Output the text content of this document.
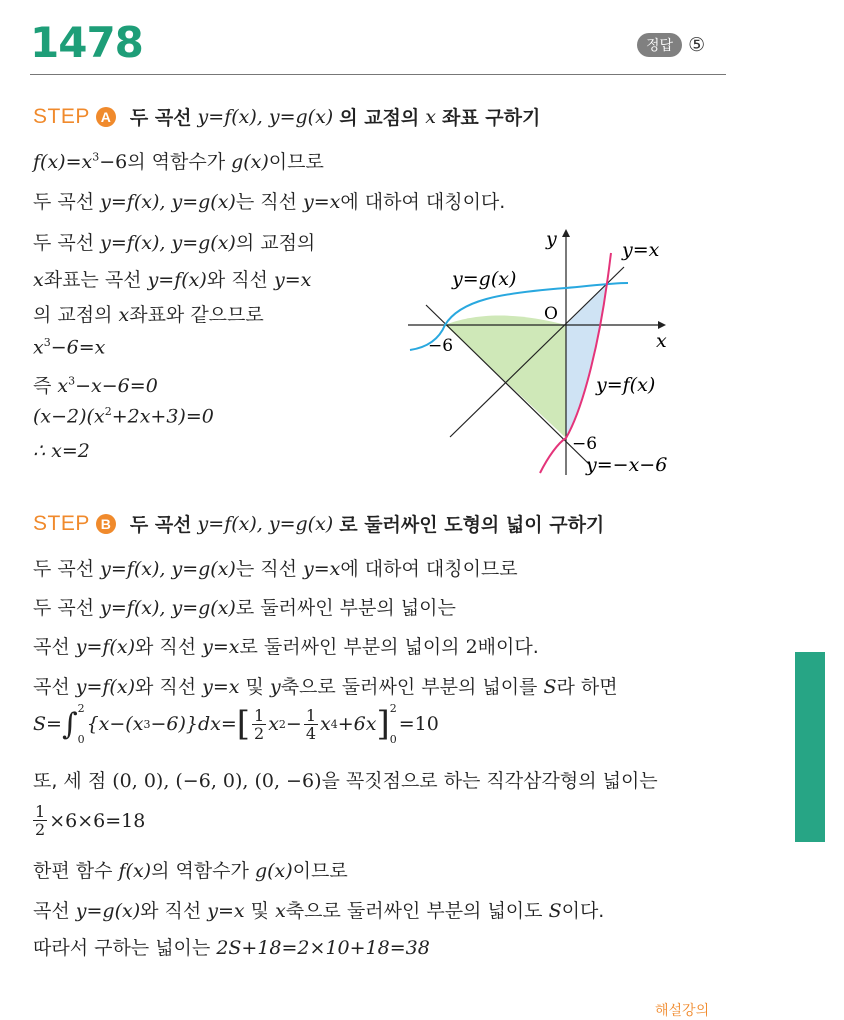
1478	정답 ⑤
STEP A 두 곡선 y=f(x), y=g(x) 의 교점의 x 좌표 구하기
$f(x)=x^3-6$의 역함수가 g(x)이므로
두 곡선 y=f(x), y=g(x)는 직선 y=x에 대하여 대칭이다.
두 곡선 y=f(x), y=g(x)의 교점의
x좌표는 곡선 y=f(x)와 직선 y=x
의 교점의 x좌표와 같으므로
$x^3-6=x$
즉 $x^3-x-6=0$
$(x-2)(x^2+2x+3)=0$
∴ x=2
y	y=x
y=g(x)
O
x
−6
y=f(x)
−6
y=−x−6
STEP B 두 곡선 y=f(x), y=g(x) 로 둘러싸인 도형의 넓이 구하기
두 곡선 y=f(x), y=g(x)는 직선 y=x에 대하여 대칭이므로
두 곡선 y=f(x), y=g(x)로 둘러싸인 부분의 넓이는
곡선 y=f(x)와 직선 y=x로 둘러싸인 부분의 넓이의 2배이다.
곡선 y=f(x)와 직선 y=x 및 y축으로 둘러싸인 부분의 넓이를 S라 하면
S= ∫ 2
0
{x−(x 3 −6)}dx= [ $\frac{1}{2}$ x $2 - \frac{1}{4}$ x 4 +6x ] 2
0
=10
또, 세 점 (0, 0), (−6, 0), (0, −6)을 꼭짓점으로 하는 직각삼각형의 넓이는
$\frac{1}{2} \times 6\times 6=18$
한편 함수 f(x)의 역함수가 g(x)이므로
곡선 y=g(x)와 직선 y=x 및 x축으로 둘러싸인 부분의 넓이도 S이다.
따라서 구하는 넓이는 2S+18=2×10+18=38
해설강의
